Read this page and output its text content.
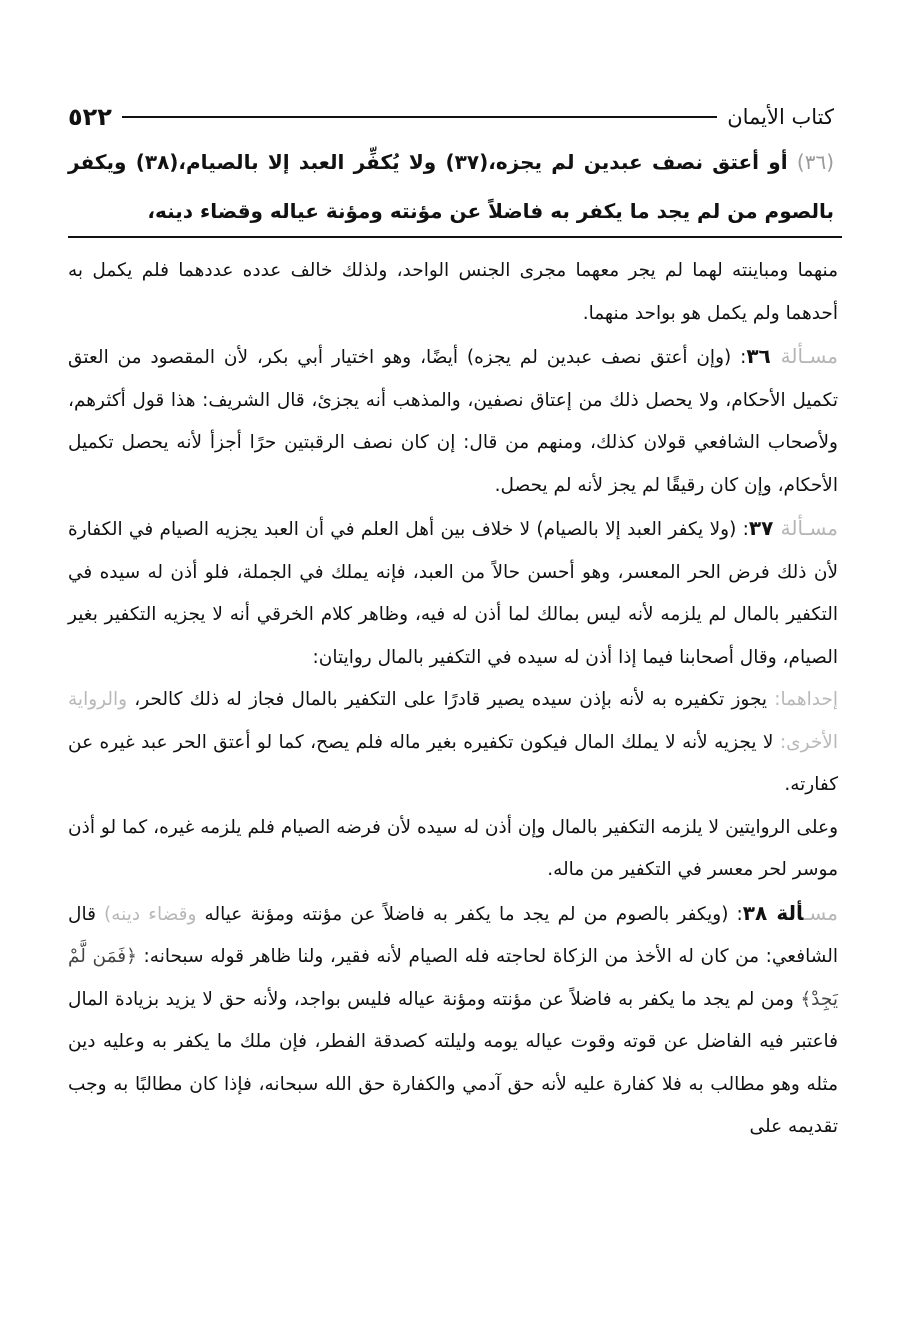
٥٢٢	كتاب الأيمان
(٣٦) أو أعتق نصف عبدين لم يجزه،(٣٧) ولا يُكفِّر العبد إلا بالصيام،(٣٨) ويكفر بالصوم من لم يجد ما يكفر به فاضلاً عن مؤنته ومؤنة عياله وقضاء دينه،

منهما ومباينته لهما لم يجر معهما مجرى الجنس الواحد، ولذلك خالف عدده عددهما فلم يكمل به أحدهما ولم يكمل هو بواحد منهما.

مسـألة ٣٦: (وإن أعتق نصف عبدين لم يجزه) أيضًا، وهو اختيار أبي بكر، لأن المقصود من العتق تكميل الأحكام، ولا يحصل ذلك من إعتاق نصفين، والمذهب أنه يجزئ، قال الشريف: هذا قول أكثرهم، ولأصحاب الشافعي قولان كذلك، ومنهم من قال: إن كان نصف الرقبتين حرًا أجزأ لأنه يحصل تكميل الأحكام، وإن كان رقيقًا لم يجز لأنه لم يحصل.

مسـألة ٣٧: (ولا يكفر العبد إلا بالصيام) لا خلاف بين أهل العلم في أن العبد يجزيه الصيام في الكفارة لأن ذلك فرض الحر المعسر، وهو أحسن حالاً من العبد، فإنه يملك في الجملة، فلو أذن له سيده في التكفير بالمال لم يلزمه لأنه ليس بمالك لما أذن له فيه، وظاهر كلام الخرقي أنه لا يجزيه التكفير بغير الصيام، وقال أصحابنا فيما إذا أذن له سيده في التكفير بالمال روايتان:

إحداهما: يجوز تكفيره به لأنه بإذن سيده يصير قادرًا على التكفير بالمال فجاز له ذلك كالحر، والرواية الأخرى: لا يجزيه لأنه لا يملك المال فيكون تكفيره بغير ماله فلم يصح، كما لو أعتق الحر عبد غيره عن كفارته.

وعلى الروايتين لا يلزمه التكفير بالمال وإن أذن له سيده لأن فرضه الصيام فلم يلزمه غيره، كما لو أذن موسر لحر معسر في التكفير من ماله.

مسـألة ٣٨: (ويكفر بالصوم من لم يجد ما يكفر به فاضلاً عن مؤنته ومؤنة عياله وقضاء دينه) قال الشافعي: من كان له الأخذ من الزكاة لحاجته فله الصيام لأنه فقير، ولنا ظاهر قوله سبحانه: ﴿فَمَن لَّمْ يَجِدْ﴾ ومن لم يجد ما يكفر به فاضلاً عن مؤنته ومؤنة عياله فليس بواجد، ولأنه حق لا يزيد بزيادة المال فاعتبر فيه الفاضل عن قوته وقوت عياله يومه وليلته كصدقة الفطر، فإن ملك ما يكفر به وعليه دين مثله وهو مطالب به فلا كفارة عليه لأنه حق آدمي والكفارة حق الله سبحانه، فإذا كان مطالبًا به وجب تقديمه على
